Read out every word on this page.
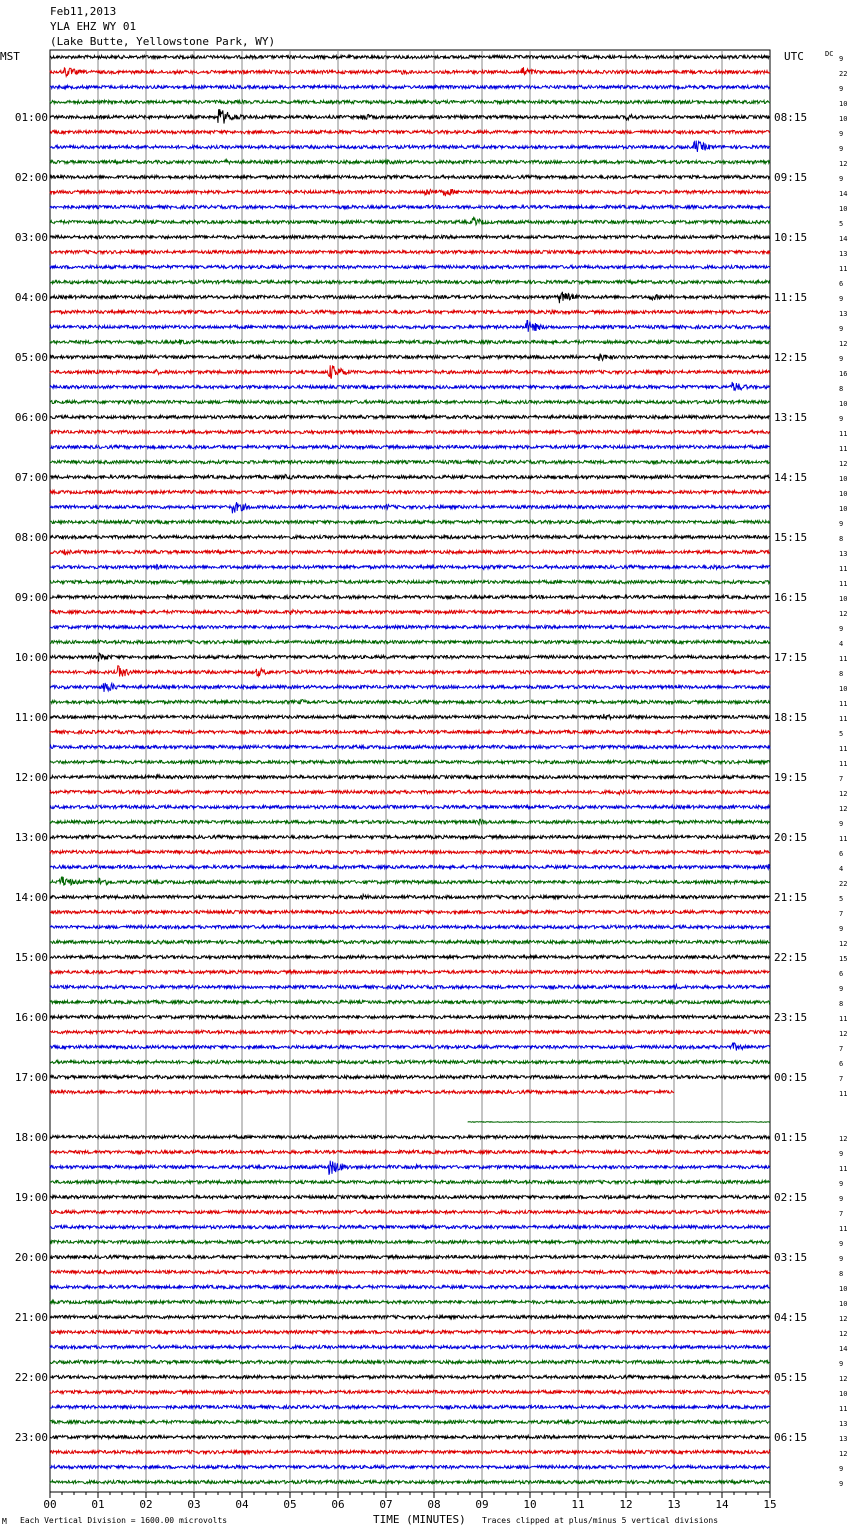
Feb11,2013
YLA EHZ WY 01
(Lake Butte, Yellowstone Park, WY)
MST	UTC	DC
00	01	02	03	04	05	06	07	08	09	10	11	12	13	14	15
9
22
9
10
10
9
9
12
9
14
10
5
14
13
11
6
9
13
9
12
9
16
8
10
9
11
11
12
10
10
10
9
8
13
11
11
10
12
9
4
11
8
10
11
11
5
11
11
7
12
12
9
11
6
4
22
5
7
9
12
15
6
9
8
11
12
7
6
7
11
12
9
11
9
9
7
11
9
9
8
10
10
12
12
14
9
12
10
11
13
13
12
9
9
01:00
02:00
03:00
04:00
05:00
06:00
07:00
08:00
09:00
10:00
11:00
12:00
13:00
14:00
15:00
16:00
17:00
18:00
19:00
20:00
21:00
22:00
23:00
08:15
09:15
10:15
11:15
12:15
13:15
14:15
15:15
16:15
17:15
18:15
19:15
20:15
21:15
22:15
23:15
00:15
01:15
02:15
03:15
04:15
05:15
06:15
M Each Vertical Division = 1600.00 microvolts	TIME (MINUTES) Traces clipped at plus/minus 5 vertical divisions
